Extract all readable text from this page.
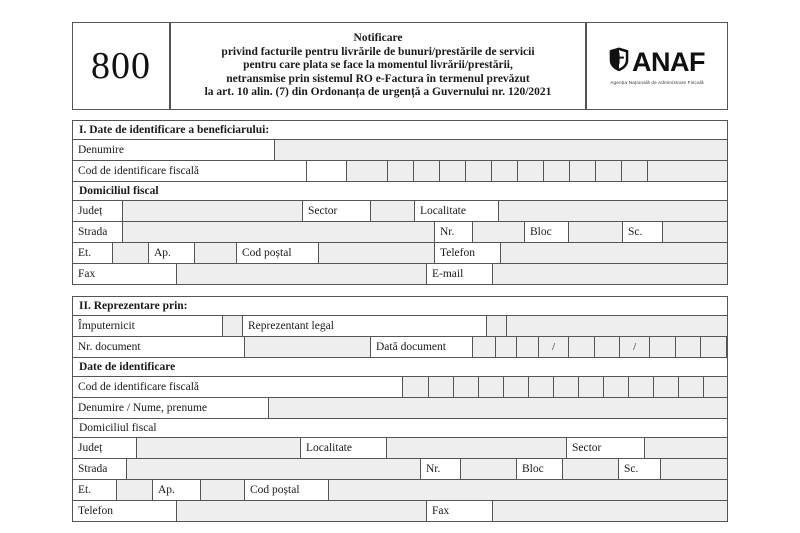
800
Notificare
privind facturile pentru livrările de bunuri/prestările de servicii
pentru care plata se face la momentul livrării/prestării,
netransmise prin sistemul RO e-Factura în termenul prevăzut
la art. 10 alin. (7) din Ordonanța de urgență a Guvernului nr. 120/2021
ANAF
Agenția Națională de Administrare Fiscală
I. Date de identificare a beneficiarului:
Denumire
Cod de identificare fiscală
Domiciliul fiscal
Județ	Sector	Localitate
Strada	Nr.	Bloc	Sc.
Et.	Ap.	Cod poștal	Telefon
Fax	E-mail
II. Reprezentare prin:
Împuternicit	Reprezentant legal
Nr. document	Dată document	/	/
Date de identificare
Cod de identificare fiscală
Denumire / Nume, prenume
Domiciliul fiscal
Județ	Localitate	Sector
Strada	Nr.	Bloc	Sc.
Et.	Ap.	Cod poștal
Telefon	Fax
